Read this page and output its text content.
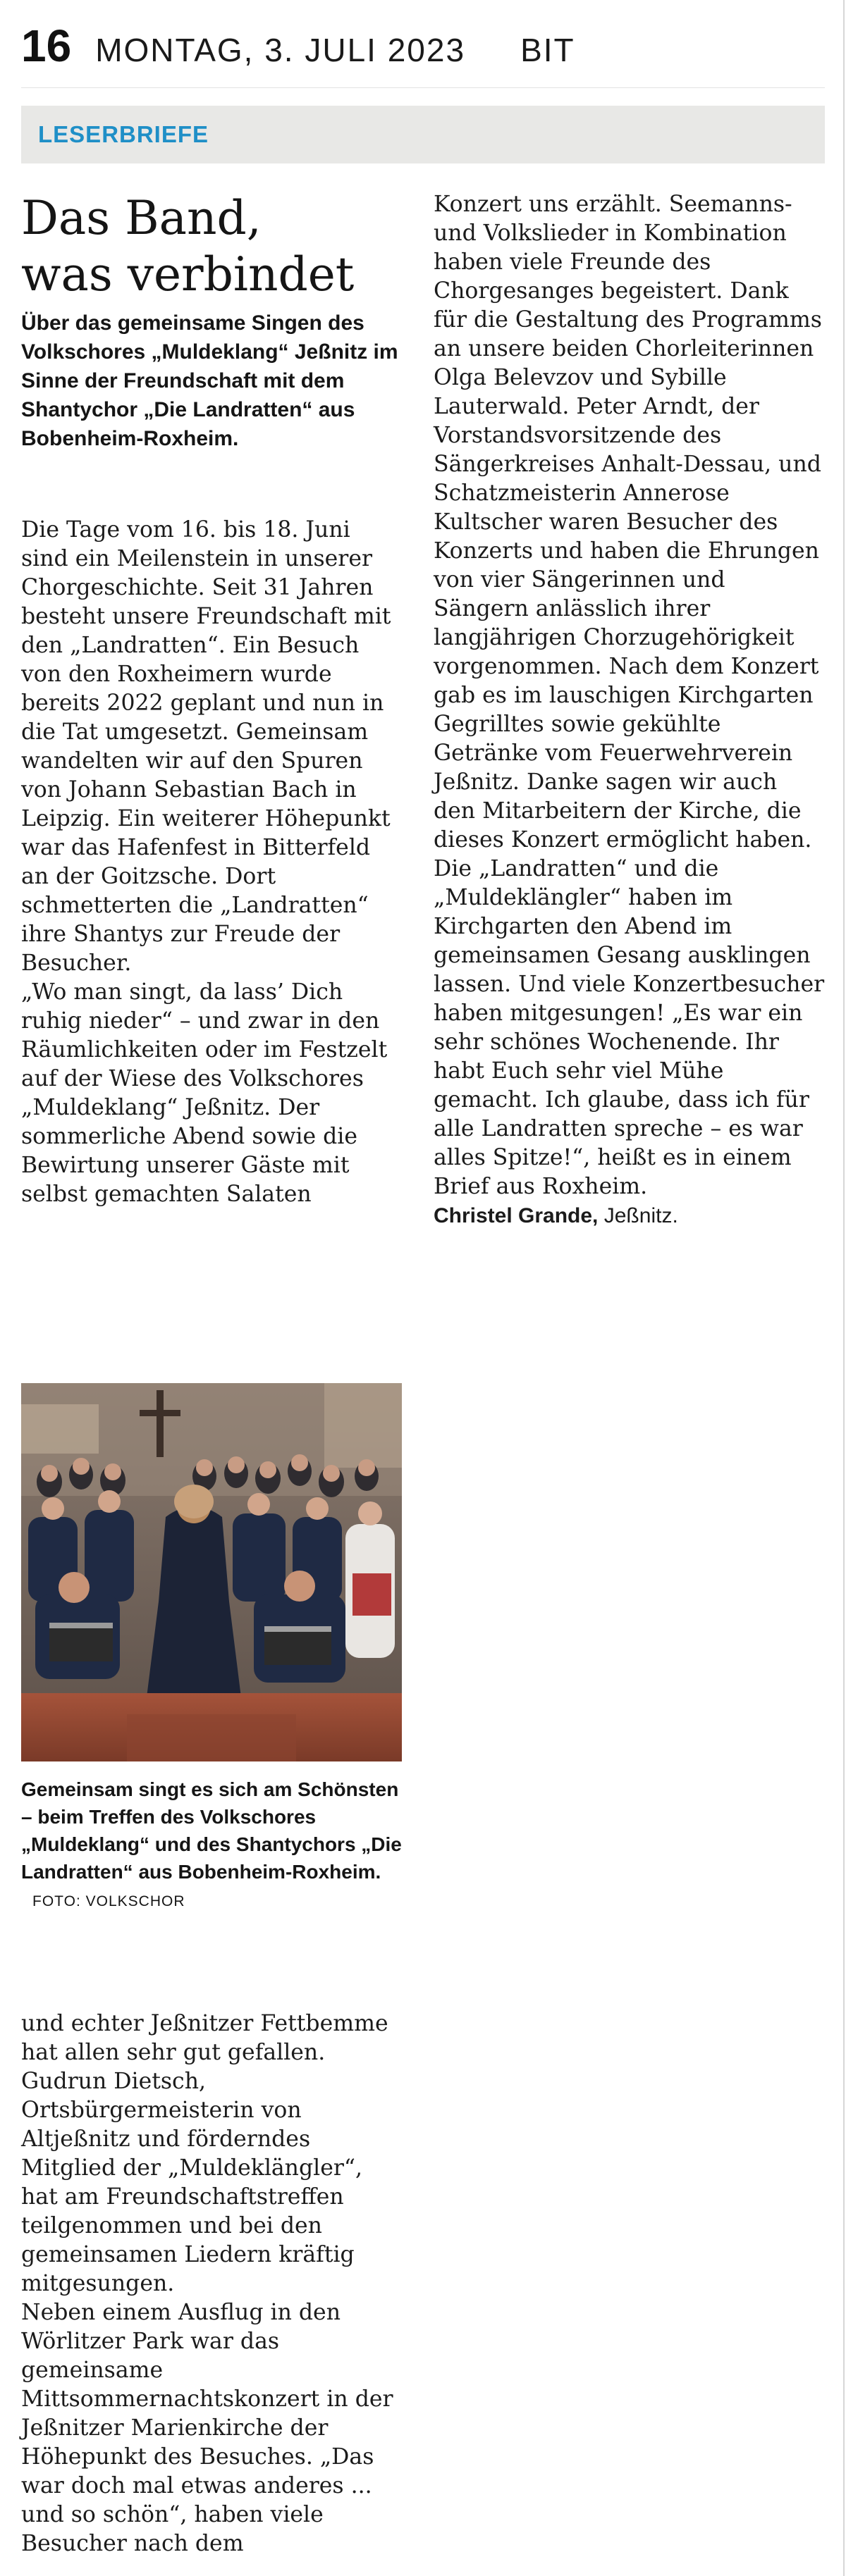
16 MONTAG, 3. JULI 2023 BIT
LESERBRIEFE
Das Band,
was verbindet

Über das gemeinsame Singen des Volkschores „Muldeklang“ Jeßnitz im Sinne der Freundschaft mit dem Shantychor „Die Landratten“ aus Bobenheim-Roxheim.

Die Tage vom 16. bis 18. Juni sind ein Meilenstein in unserer Chorgeschichte. Seit 31 Jahren besteht unsere Freundschaft mit den „Landratten“. Ein Besuch von den Roxheimern wurde bereits 2022 geplant und nun in die Tat umgesetzt. Gemeinsam wandelten wir auf den Spuren von Johann Sebastian Bach in Leipzig. Ein weiterer Höhepunkt war das Hafenfest in Bitterfeld an der Goitzsche. Dort schmetterten die „Landratten“ ihre Shantys zur Freude der Besucher.

„Wo man singt, da lass’ Dich ruhig nieder“ – und zwar in den Räumlichkeiten oder im Festzelt auf der Wiese des Volkschores „Muldeklang“ Jeßnitz. Der sommerliche Abend sowie die Bewirtung unserer Gäste mit selbst gemachten Salaten

Gemeinsam singt es sich am Schönsten – beim Treffen des Volkschores „Muldeklang“ und des Shantychors „Die Landratten“ aus Bobenheim-Roxheim. FOTO: VOLKSCHOR

und echter Jeßnitzer Fettbemme hat allen sehr gut gefallen. Gudrun Dietsch, Ortsbürgermeisterin von Altjeßnitz und förderndes Mitglied der „Muldeklängler“, hat am Freundschaftstreffen teilgenommen und bei den gemeinsamen Liedern kräftig mitgesungen.

Neben einem Ausflug in den Wörlitzer Park war das gemeinsame Mittsommernachtskonzert in der Jeßnitzer Marienkirche der Höhepunkt des Besuches. „Das war doch mal etwas anderes ... und so schön“, haben viele Besucher nach dem

Konzert uns erzählt. Seemanns- und Volkslieder in Kombination haben viele Freunde des Chorgesanges begeistert. Dank für die Gestaltung des Programms an unsere beiden Chorleiterinnen Olga Belevzov und Sybille Lauterwald. Peter Arndt, der Vorstandsvorsitzende des Sängerkreises Anhalt-Dessau, und Schatzmeisterin Annerose Kultscher waren Besucher des Konzerts und haben die Ehrungen von vier Sängerinnen und Sängern anlässlich ihrer langjährigen Chorzugehörigkeit vorgenommen. Nach dem Konzert gab es im lauschigen Kirchgarten Gegrilltes sowie gekühlte Getränke vom Feuerwehrverein Jeßnitz. Danke sagen wir auch den Mitarbeitern der Kirche, die dieses Konzert ermöglicht haben.

Die „Landratten“ und die „Muldeklängler“ haben im Kirchgarten den Abend im gemeinsamen Gesang ausklingen lassen. Und viele Konzertbesucher haben mitgesungen! „Es war ein sehr schönes Wochenende. Ihr habt Euch sehr viel Mühe gemacht. Ich glaube, dass ich für alle Landratten spreche – es war alles Spitze!“, heißt es in einem Brief aus Roxheim.

Christel Grande, Jeßnitz.
